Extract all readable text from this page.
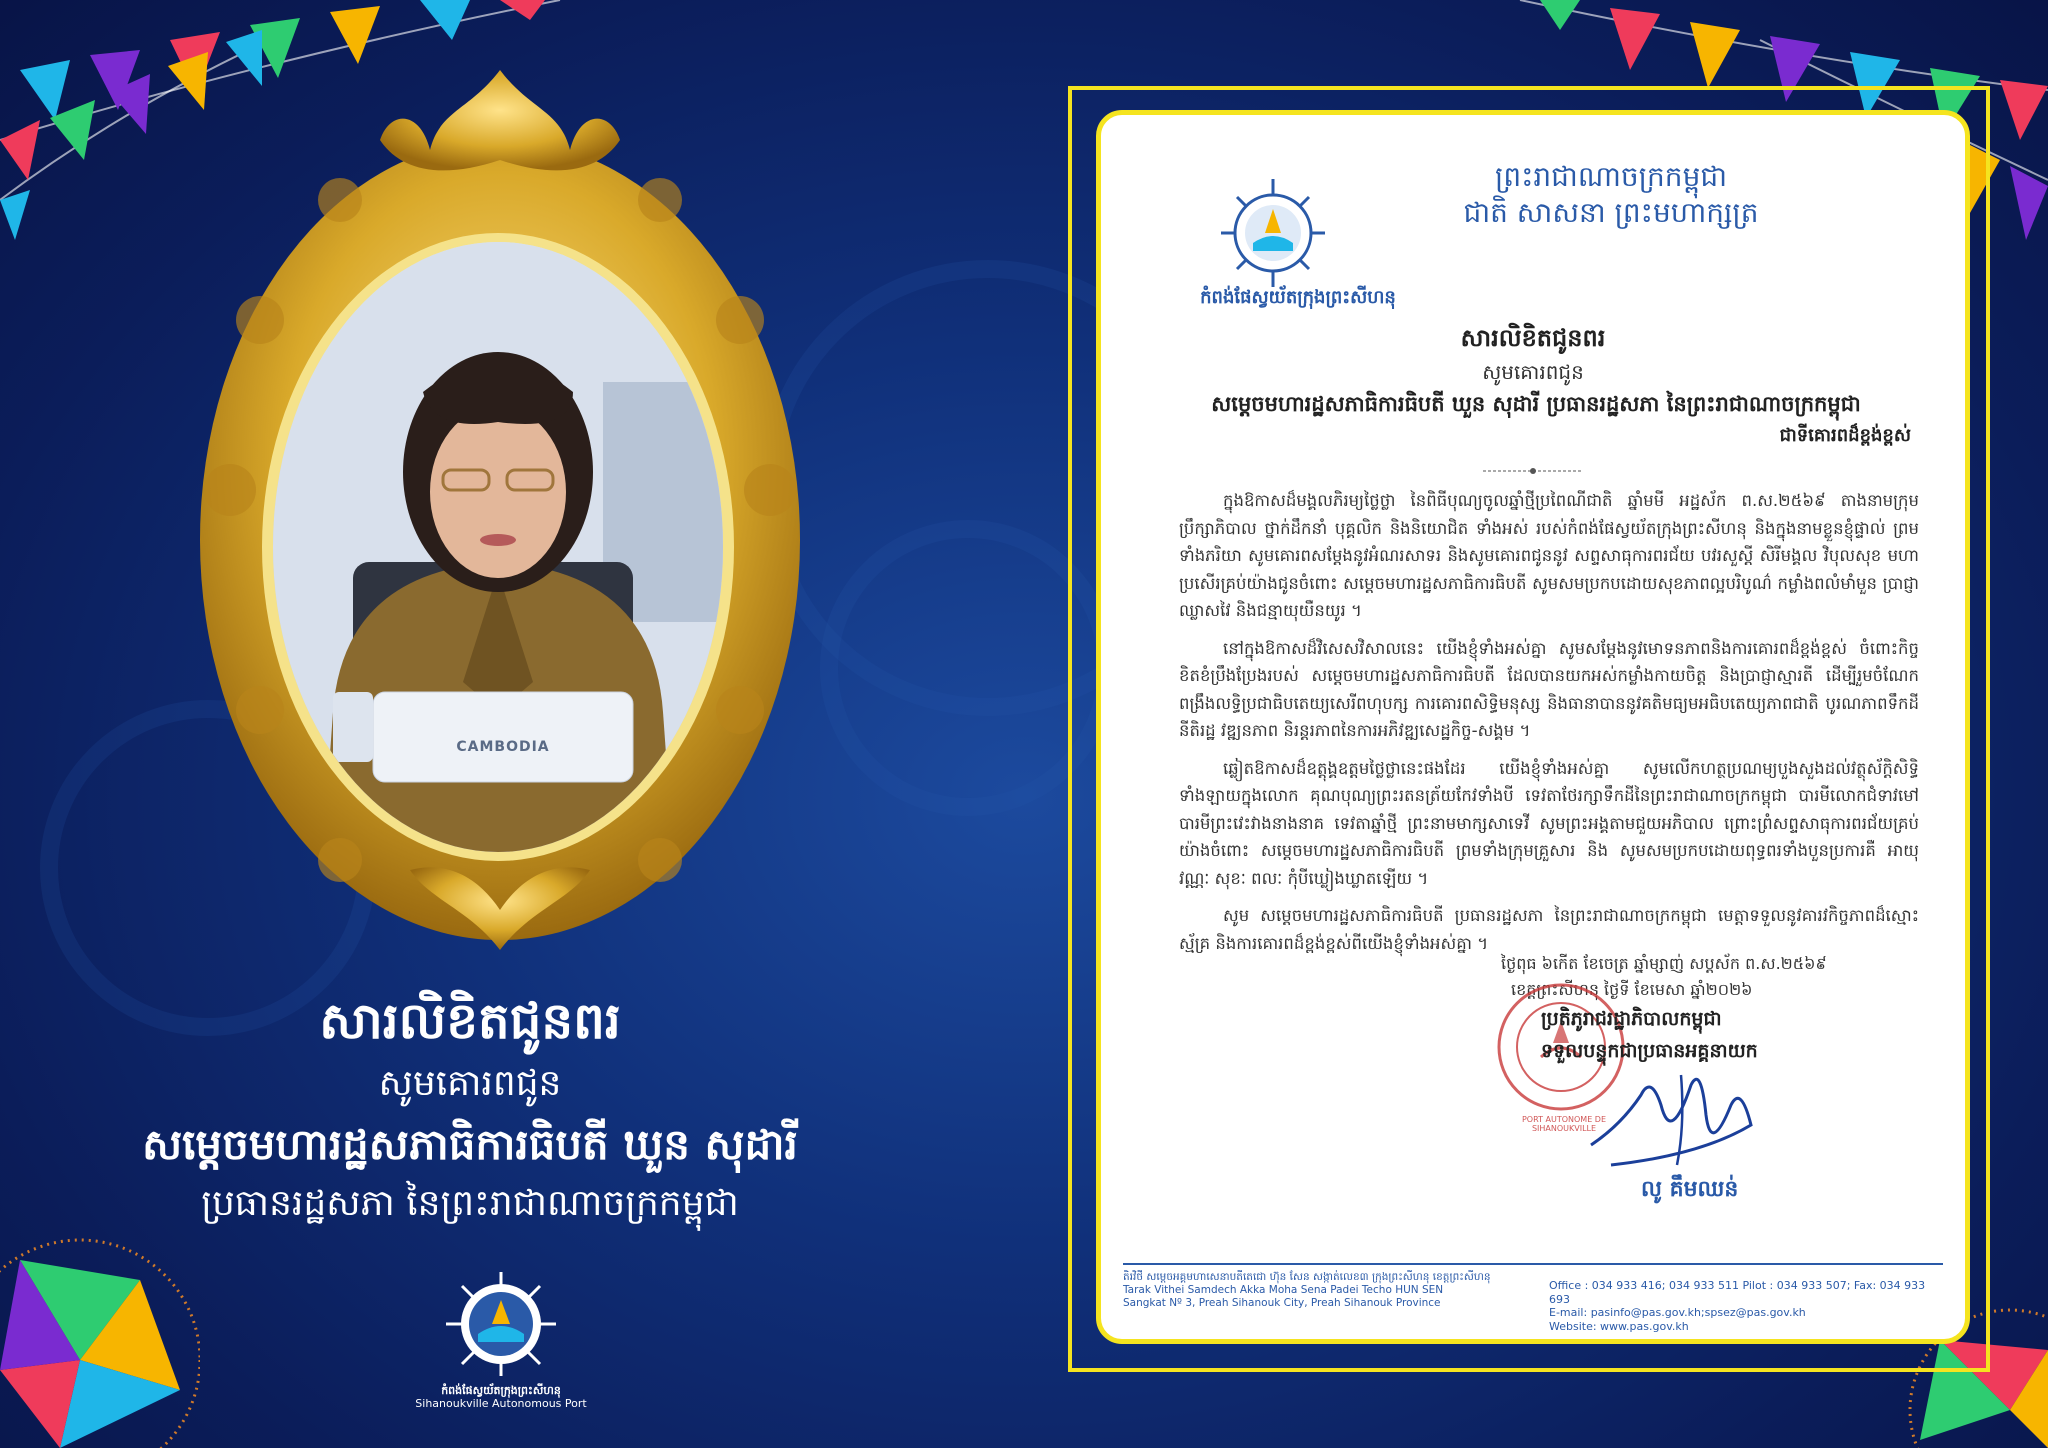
CAMBODIA
សារលិខិតជូនពរ
សូមគោរពជូន
សម្តេចមហារដ្ឋសភាធិការធិបតី ឃួន សុដារី
ប្រធានរដ្ឋសភា នៃព្រះរាជាណាចក្រកម្ពុជា
កំពង់ផែស្វយ័តក្រុងព្រះសីហនុ
Sihanoukville Autonomous Port
ព្រះរាជាណាចក្រកម្ពុជា
ជាតិ សាសនា ព្រះមហាក្សត្រ
កំពង់ផែស្វយ័តក្រុងព្រះសីហនុ
សារលិខិតជូនពរ
សូមគោរពជូន
សម្តេចមហារដ្ឋសភាធិការធិបតី ឃួន សុដារី ប្រធានរដ្ឋសភា នៃព្រះរាជាណាចក្រកម្ពុជា
ជាទីគោរពដ៏ខ្ពង់ខ្ពស់

ក្នុងឱកាសដ៏មង្គលភិរម្យថ្លៃថ្លា នៃពិធីបុណ្យចូលឆ្នាំថ្មីប្រពៃណីជាតិ ឆ្នាំមមី អដ្ឋស័ក ព.ស.២៥៦៩ តាងនាមក្រុមប្រឹក្សាភិបាល ថ្នាក់ដឹកនាំ បុគ្គលិក និងនិយោជិត ទាំងអស់ របស់កំពង់ផែស្វយ័តក្រុងព្រះសីហនុ និងក្នុងនាមខ្លួនខ្ញុំផ្ទាល់ ព្រមទាំងភរិយា សូមគោរពសម្តែងនូវអំណរសាទរ និងសូមគោរពជូននូវ សព្ទសាធុការពរជ័យ បវរសួស្តី សិរីមង្គល វិបុលសុខ មហាប្រសើរគ្រប់យ៉ាងជូនចំពោះ សម្តេចមហារដ្ឋសភាធិការធិបតី សូមសមប្រកបដោយសុខភាពល្អបរិបូណ៌ កម្លាំងពលំមាំមួន ប្រាជ្ញាឈ្លាសវៃ និងជន្មាយុយឺនយូរ ។

នៅក្នុងឱកាសដ៏វិសេសវិសាលនេះ យើងខ្ញុំទាំងអស់គ្នា សូមសម្តែងនូវមោទនភាពនិងការគោរពដ៏ខ្ពង់ខ្ពស់ ចំពោះកិច្ចខិតខំប្រឹងប្រែងរបស់ សម្តេចមហារដ្ឋសភាធិការធិបតី ដែលបានយកអស់កម្លាំងកាយចិត្ត និងប្រាជ្ញាស្មារតី ដើម្បីរួមចំណែកពង្រឹងលទ្ធិប្រជាធិបតេយ្យសេរីពហុបក្ស ការគោរពសិទ្ធិមនុស្ស និងធានាបាននូវគតិមធ្យមអធិបតេយ្យភាពជាតិ បូរណភាពទឹកដី នីតិរដ្ឋ វឌ្ឍនភាព និរន្តរភាពនៃការអភិវឌ្ឍសេដ្ឋកិច្ច-សង្គម ។

ឆ្លៀតឱកាសដ៏ឧត្តុង្គឧត្តមថ្លៃថ្លានេះផងដែរ យើងខ្ញុំទាំងអស់គ្នា សូមលើកហត្ថប្រណម្យបួងសួងដល់វត្ថុស័ក្តិសិទ្ធិទាំងឡាយក្នុងលោក គុណបុណ្យព្រះរតនត្រ័យកែវទាំងបី ទេវតាថែរក្សាទឹកដីនៃព្រះរាជាណាចក្រកម្ពុជា បារមីលោកជំទាវមៅ បារមីព្រះវេះវាងនាងនាគ ទេវតាឆ្នាំថ្មី ព្រះនាមមាក្សសាទេវី សូមព្រះអង្គតាមជួយអភិបាល ព្រោះព្រំសព្ទសាធុការពរជ័យគ្រប់យ៉ាងចំពោះ សម្តេចមហារដ្ឋសភាធិការធិបតី ព្រមទាំងក្រុមគ្រួសារ និង សូមសមប្រកបដោយពុទ្ធពរទាំងបួនប្រការគឺ អាយុ វណ្ណៈ សុខៈ ពលៈ កុំបីឃ្លៀងឃ្លាតឡើយ ។

សូម សម្តេចមហារដ្ឋសភាធិការធិបតី ប្រធានរដ្ឋសភា នៃព្រះរាជាណាចក្រកម្ពុជា មេត្តាទទួលនូវគារវកិច្ចភាពដ៏ស្មោះស្ម័គ្រ និងការគោរពដ៏ខ្ពង់ខ្ពស់ពីយើងខ្ញុំទាំងអស់គ្នា ។

ថ្ងៃពុធ ៦កើត ខែចេត្រ ឆ្នាំម្សាញ់ សប្តស័ក ព.ស.២៥៦៩
ខេត្តព្រះសីហនុ ថ្ងៃទី ខែមេសា ឆ្នាំ២០២៦
PORT AUTONOME DE SIHANOUKVILLE
ប្រតិភូរាជរដ្ឋាភិបាលកម្ពុជា
ទទួលបន្ទុកជាប្រធានអគ្គនាយក
លូ គឹមឈន់
តិរវិថី សម្តេចអគ្គមហាសេនាបតីតេជោ ហ៊ុន សែន សង្កាត់លេខ៣ ក្រុងព្រះសីហនុ ខេត្តព្រះសីហនុ
Tarak Vithei Samdech Akka Moha Sena Padei Techo HUN SEN
Sangkat Nº 3, Preah Sihanouk City, Preah Sihanouk Province
Office : 034 933 416; 034 933 511 Pilot : 034 933 507; Fax: 034 933 693
E-mail: pasinfo@pas.gov.kh;spsez@pas.gov.kh
Website: www.pas.gov.kh
